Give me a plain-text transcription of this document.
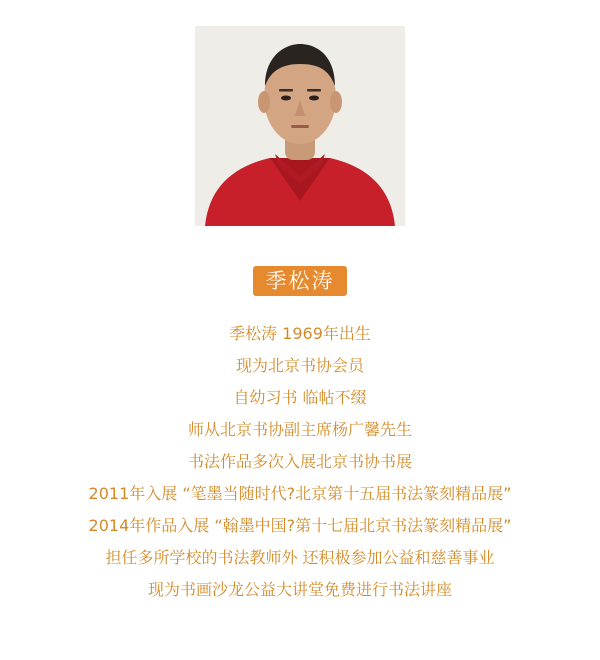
季松涛
季松涛 1969年出生
现为北京书协会员
自幼习书 临帖不缀
师从北京书协副主席杨广馨先生
书法作品多次入展北京书协书展
2011年入展 “笔墨当随时代?北京第十五届书法篆刻精品展”
2014年作品入展 “翰墨中国?第十七届北京书法篆刻精品展”
担任多所学校的书法教师外 还积极参加公益和慈善事业
现为书画沙龙公益大讲堂免费进行书法讲座
